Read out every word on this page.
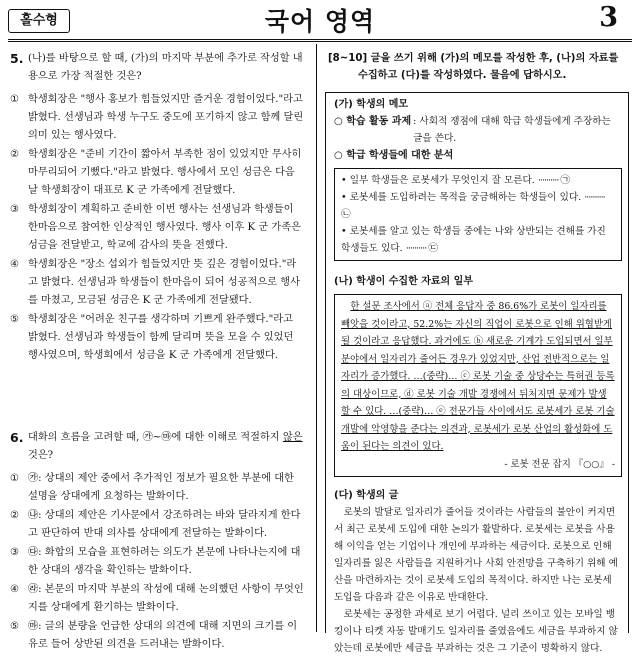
홀수형	국어 영역	3
5. (나)를 바탕으로 할 때, (가)의 마지막 부분에 추가로 작성할 내용으로 가장 적절한 것은?
① 학생회장은 "행사 홍보가 힘들었지만 즐거운 경험이었다."라고 밝혔다. 선생님과 학생 누구도 중도에 포기하지 않고 함께 달린 의미 있는 행사였다.
② 학생회장은 "준비 기간이 짧아서 부족한 점이 있었지만 무사히 마무리되어 기뻤다."라고 밝혔다. 행사에서 모인 성금은 다음 날 학생회장이 대표로 K 군 가족에게 전달했다.
③ 학생회장이 계획하고 준비한 이번 행사는 선생님과 학생들이 한마음으로 참여한 인상적인 행사였다. 행사 이후 K 군 가족은 성금을 전달받고, 학교에 감사의 뜻을 전했다.
④ 학생회장은 "장소 섭외가 힘들었지만 뜻 깊은 경험이었다."라고 밝혔다. 선생님과 학생들이 한마음이 되어 성공적으로 행사를 마쳤고, 모금된 성금은 K 군 가족에게 전달됐다.
⑤ 학생회장은 "어려운 친구를 생각하며 기쁘게 완주했다."라고 밝혔다. 선생님과 학생들이 함께 달리며 뜻을 모을 수 있었던 행사였으며, 학생회에서 성금을 K 군 가족에게 전달했다.
6. 대화의 흐름을 고려할 때, ㉮~㉲에 대한 이해로 적절하지 않은 것은?
① ㉮: 상대의 제안 중에서 추가적인 정보가 필요한 부분에 대한 설명을 상대에게 요청하는 발화이다.
② ㉯: 상대의 제안은 기사문에서 강조하려는 바와 달라지게 한다고 판단하여 반대 의사를 상대에게 전달하는 발화이다.
③ ㉰: 화합의 모습을 표현하려는 의도가 본문에 나타나는지에 대한 상대의 생각을 확인하는 발화이다.
④ ㉱: 본문의 마지막 부분의 작성에 대해 논의했던 사항이 무엇인지를 상대에게 환기하는 발화이다.
⑤ ㉲: 글의 분량을 언급한 상대의 의견에 대해 지면의 크기를 이유로 들어 상반된 의견을 드러내는 발화이다.
[8~10] 글을 쓰기 위해 (가)의 메모를 작성한 후, (나)의 자료를
수집하고 (다)를 작성하였다. 물음에 답하시오.
(가) 학생의 메모
○ 학습 활동 과제 : 사회적 쟁점에 대해 학급 학생들에게 주장하는 글을 쓴다.
○ 학급 학생들에 대한 분석
• 일부 학생들은 로봇세가 무엇인지 잘 모른다. ·········· ㉠
• 로봇세를 도입하려는 목적을 궁금해하는 학생들이 있다. ·········· ㉡
• 로봇세를 알고 있는 학생들 중에는 나와 상반되는 견해를 가진 학생들도 있다. ·········· ㉢
(나) 학생이 수집한 자료의 일부
한 설문 조사에서 ⓐ 전체 응답자 중 86.6%가 로봇이 일자리를 빼앗을 것이라고, 52.2%는 자신의 직업이 로봇으로 인해 위협받게 될 것이라고 응답했다. 과거에도 ⓑ 새로운 기계가 도입되면서 일부 분야에서 일자리가 줄어든 경우가 있었지만, 산업 전반적으로는 일자리가 증가했다. …(중략)… ⓒ 로봇 기술 중 상당수는 특허권 등록의 대상이므로, ⓓ 로봇 기술 개발 경쟁에서 뒤처지면 문제가 발생할 수 있다. …(중략)… ⓔ 전문가들 사이에서도 로봇세가 로봇 기술 개발에 악영향을 준다는 의견과, 로봇세가 로봇 산업의 활성화에 도움이 된다는 의견이 있다.
- 로봇 전문 잡지 『○○』 -
(다) 학생의 글
로봇의 발달로 일자리가 줄어들 것이라는 사람들의 불안이 커지면서 최근 로봇세 도입에 대한 논의가 활발하다. 로봇세는 로봇을 사용해 이익을 얻는 기업이나 개인에 부과하는 세금이다. 로봇으로 인해 일자리를 잃은 사람들을 지원하거나 사회 안전망을 구축하기 위해 예산을 마련하자는 것이 로봇세 도입의 목적이다. 하지만 나는 로봇세 도입을 다음과 같은 이유로 반대한다.
로봇세는 공정한 과세로 보기 어렵다. 널리 쓰이고 있는 모바일 뱅킹이나 티켓 자동 발매기도 일자리를 줄였음에도 세금을 부과하지 않았는데 로봇에만 세금을 부과하는 것은 그 기준이 명확하지 않다.
